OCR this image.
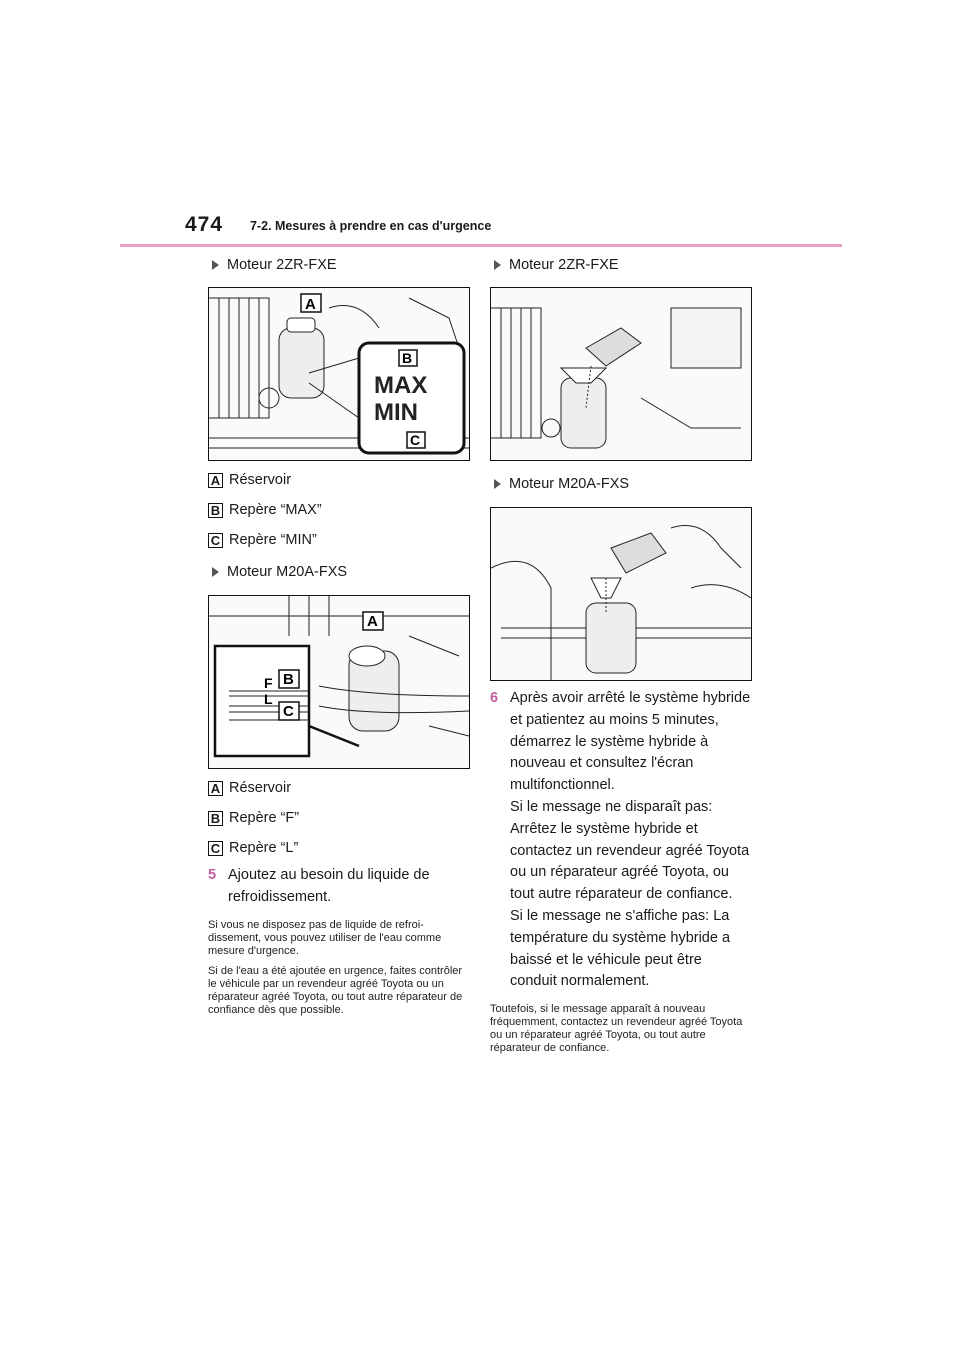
474 7-2. Mesures à prendre en cas d'urgence
Moteur 2ZR-FXE
MAX
MIN
A
B
C
A Réservoir
B Repère “MAX”
C Repère “MIN”
Moteur M20A-FXS
F
L
B
C
A
A Réservoir
B Repère “F”
C Repère “L”
5 Ajoutez au besoin du liquide de refroidissement.
Si vous ne disposez pas de liquide de refroi-dissement, vous pouvez utiliser de l'eau comme mesure d'urgence.
Si de l'eau a été ajoutée en urgence, faites contrôler le véhicule par un revendeur agréé Toyota ou un réparateur agréé Toyota, ou tout autre réparateur de confiance dès que possible.
Moteur 2ZR-FXE
Moteur M20A-FXS
6 Après avoir arrêté le système hybride et patientez au moins 5 minutes, démarrez le système hybride à nouveau et consultez l'écran multifonctionnel.
Si le message ne disparaît pas: Arrêtez le système hybride et contactez un revendeur agréé Toyota ou un réparateur agréé Toyota, ou tout autre réparateur de confiance.
Si le message ne s'affiche pas: La température du système hybride a baissé et le véhicule peut être conduit normalement.
Toutefois, si le message apparaît à nouveau fréquemment, contactez un revendeur agréé Toyota ou un réparateur agréé Toyota, ou tout autre réparateur de confiance.
